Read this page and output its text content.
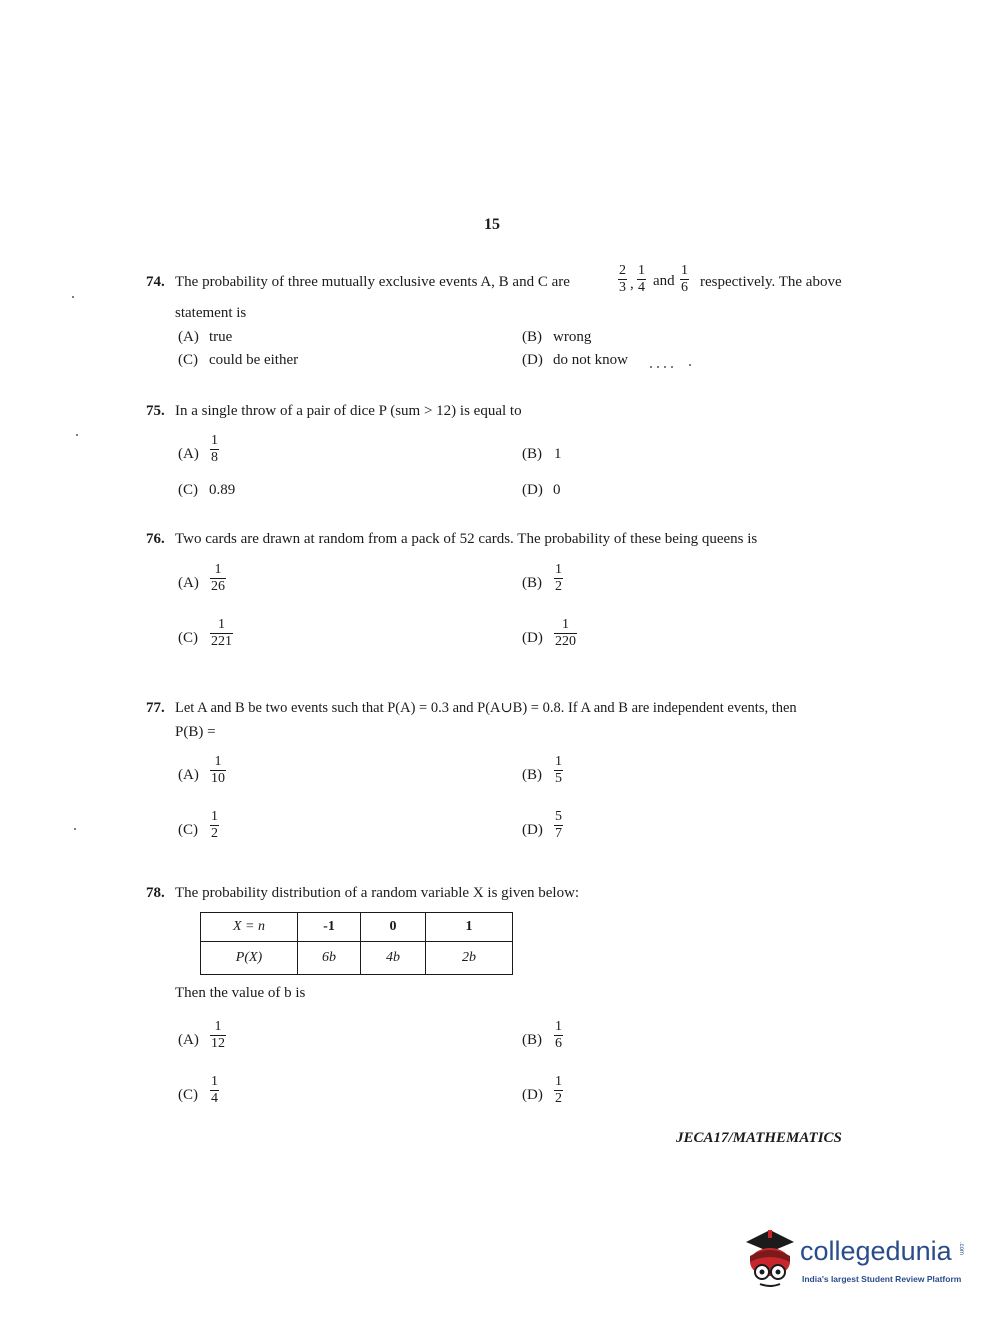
15
74. The probability of three mutually exclusive events A, B and C are
2
3 ,
1
4 and
1
6 respectively. The above
statement is
(A) true	(B) wrong
(C) could be either	(D) do not know
75. In a single throw of a pair of dice P (sum > 12) is equal to
(A)
1
8	(B) 1
(C) 0.89	(D) 0
76. Two cards are drawn at random from a pack of 52 cards. The probability of these being queens is
(A)
1
26	(B)
1
2
(C)
1
221	(D)
1
220
77. Let A and B be two events such that P(A) = 0.3 and P(A∪B) = 0.8. If A and B are independent events, then
P(B) =
(A)
1
10	(B)
1
5
(C)
1
2	(D)
5
7
78. The probability distribution of a random variable X is given below:
X = n	-1	0	1
P(X)	6b	4b	2b
Then the value of b is
(A)
1
12	(B)
1
6
(C)
1
4	(D)
1
2
JECA17/MATHEMATICS
collegedunia .com
India's largest Student Review Platform
